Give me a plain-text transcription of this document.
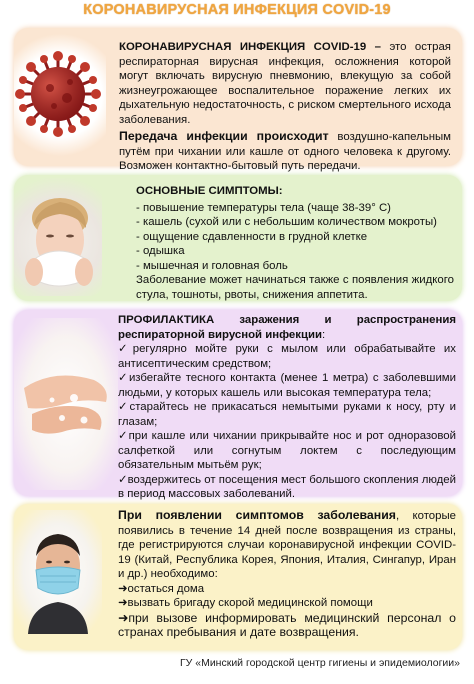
КОРОНАВИРУСНАЯ ИНФЕКЦИЯ COVID-19

КОРОНАВИРУСНАЯ ИНФЕКЦИЯ COVID-19 – это острая респираторная вирусная инфекция, осложнения которой могут включать вирусную пневмонию, влекущую за собой жизнеугрожающее воспалительное поражение легких их дыхательную недостаточность, с риском смертельного исхода заболевания.

Передача инфекции происходит воздушно-капельным путём при чихании или кашле от одного человека к другому. Возможен контактно-бытовый путь передачи.

ОСНОВНЫЕ СИМПТОМЫ:

- повышение температуры тела (чаще 38-39° С)
- кашель (сухой или с небольшим количеством мокроты)
- ощущение сдавленности в грудной клетке
- одышка
- мышечная и головная боль

Заболевание может начинаться также с появления жидкого стула, тошноты, рвоты, снижения аппетита.

ПРОФИЛАКТИКА заражения и распространения респираторной вирусной инфекции:

✓регулярно мойте руки с мылом или обрабатывайте их антисептическим средством;

✓избегайте тесного контакта (менее 1 метра) с заболевшими людьми, у которых кашель или высокая температура тела;

✓старайтесь не прикасаться немытыми руками к носу, рту и глазам;

✓при кашле или чихании прикрывайте нос и рот одноразовой салфеткой или согнутым локтем с последующим обязательным мытьём рук;

✓воздержитесь от посещения мест большого скопления людей в период массовых заболеваний.

При появлении симптомов заболевания, которые появились в течение 14 дней после возвращения из страны, где регистрируются случаи коронавирусной инфекции COVID-19 (Китай, Республика Корея, Япония, Италия, Сингапур, Иран и др.) необходимо:

➜остаться дома

➜вызвать бригаду скорой медицинской помощи

➜при вызове информировать медицинский персонал о странах пребывания и дате возвращения.

ГУ «Минский городской центр гигиены и эпидемиологии»
